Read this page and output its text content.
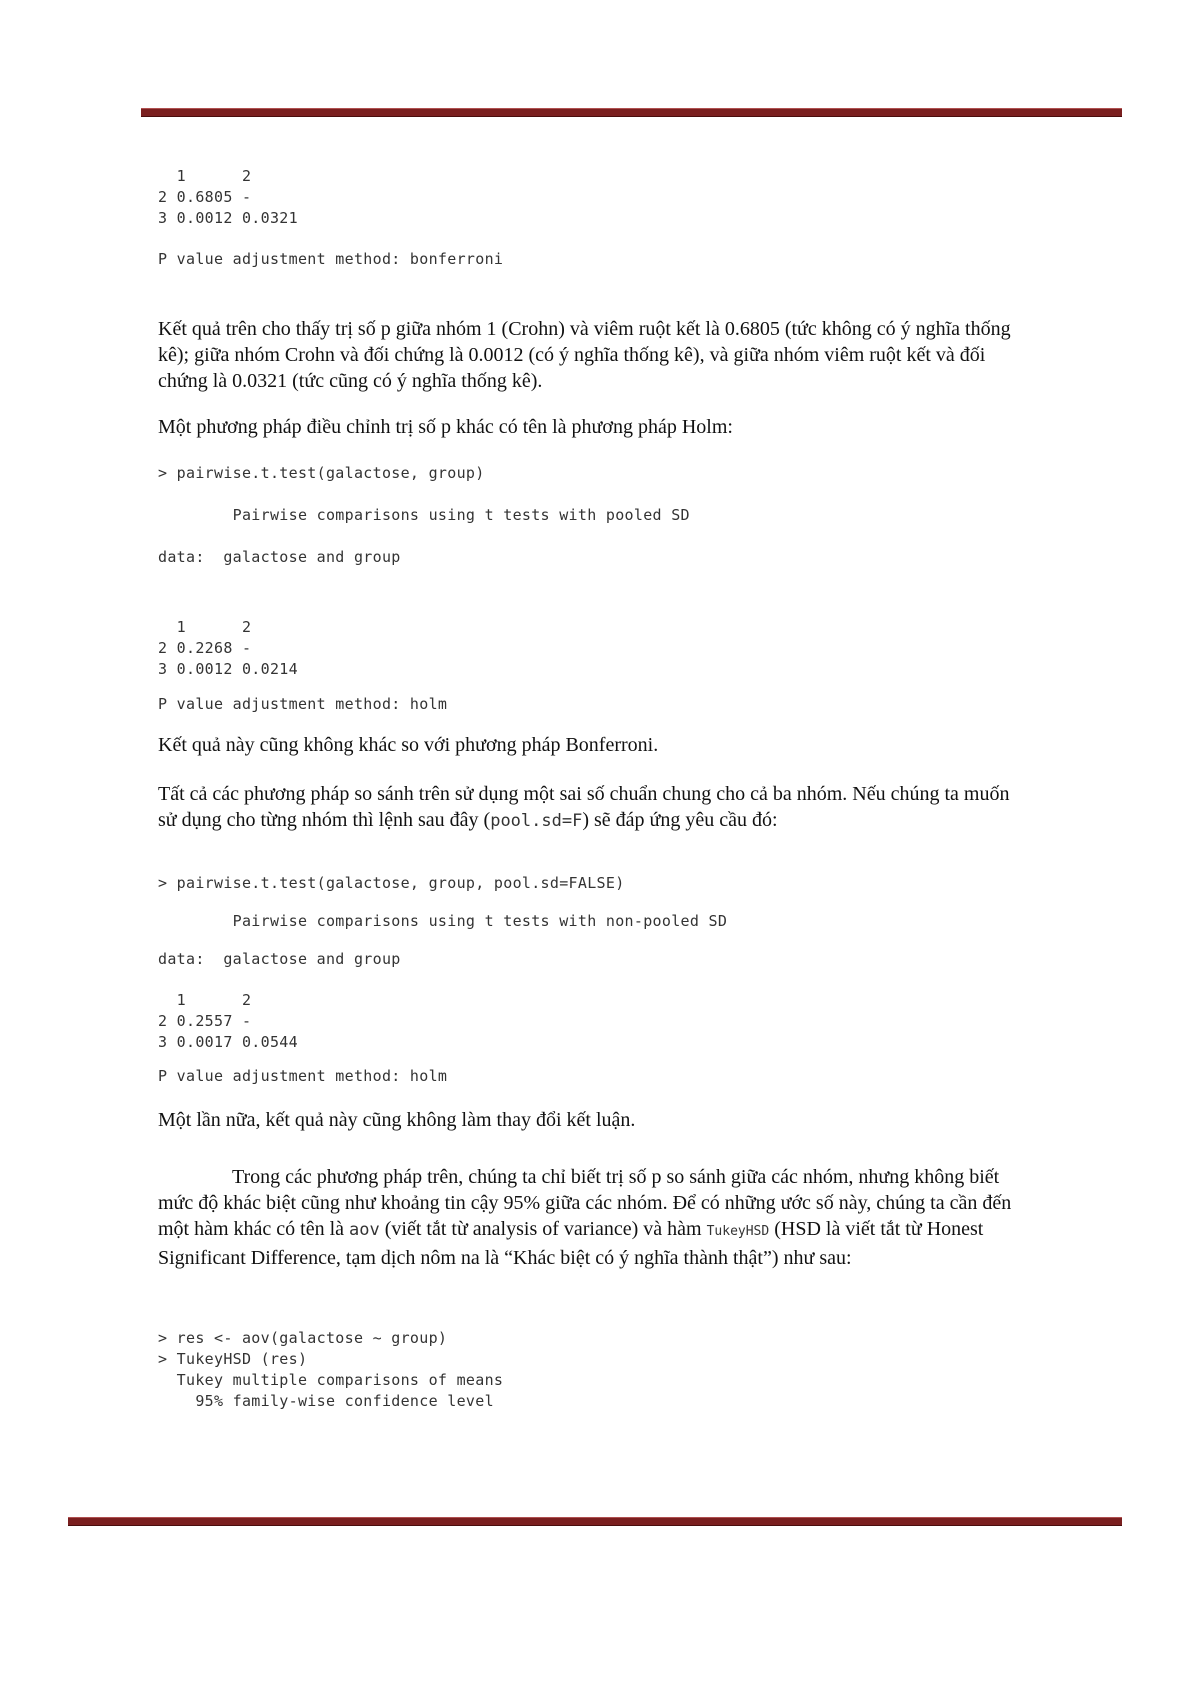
1      2
2 0.6805 -
3 0.0012 0.0321
P value adjustment method: bonferroni

Kết quả trên cho thấy trị số p giữa nhóm 1 (Crohn) và viêm ruột kết là 0.6805 (tức không có ý nghĩa thống kê); giữa nhóm Crohn và đối chứng là 0.0012 (có ý nghĩa thống kê), và giữa nhóm viêm ruột kết và đối chứng là 0.0321 (tức cũng có ý nghĩa thống kê).

Một phương pháp điều chỉnh trị số p khác có tên là phương pháp Holm:

> pairwise.t.test(galactose, group)
Pairwise comparisons using t tests with pooled SD
data:  galactose and group
1      2
2 0.2268 -
3 0.0012 0.0214
P value adjustment method: holm

Kết quả này cũng không khác so với phương pháp Bonferroni.

Tất cả các phương pháp so sánh trên sử dụng một sai số chuẩn chung cho cả ba nhóm. Nếu chúng ta muốn sử dụng cho từng nhóm thì lệnh sau đây (pool.sd=F) sẽ đáp ứng yêu cầu đó:

> pairwise.t.test(galactose, group, pool.sd=FALSE)
Pairwise comparisons using t tests with non-pooled SD
data:  galactose and group
1      2
2 0.2557 -
3 0.0017 0.0544
P value adjustment method: holm

Một lần nữa, kết quả này cũng không làm thay đổi kết luận.

Trong các phương pháp trên, chúng ta chỉ biết trị số p so sánh giữa các nhóm, nhưng không biết mức độ khác biệt cũng như khoảng tin cậy 95% giữa các nhóm. Để có những ước số này, chúng ta cần đến một hàm khác có tên là aov (viết tắt từ analysis of variance) và hàm TukeyHSD (HSD là viết tắt từ Honest Significant Difference, tạm dịch nôm na là “Khác biệt có ý nghĩa thành thật”) như sau:

> res <- aov(galactose ~ group)
> TukeyHSD (res)
Tukey multiple comparisons of means
95% family-wise confidence level
